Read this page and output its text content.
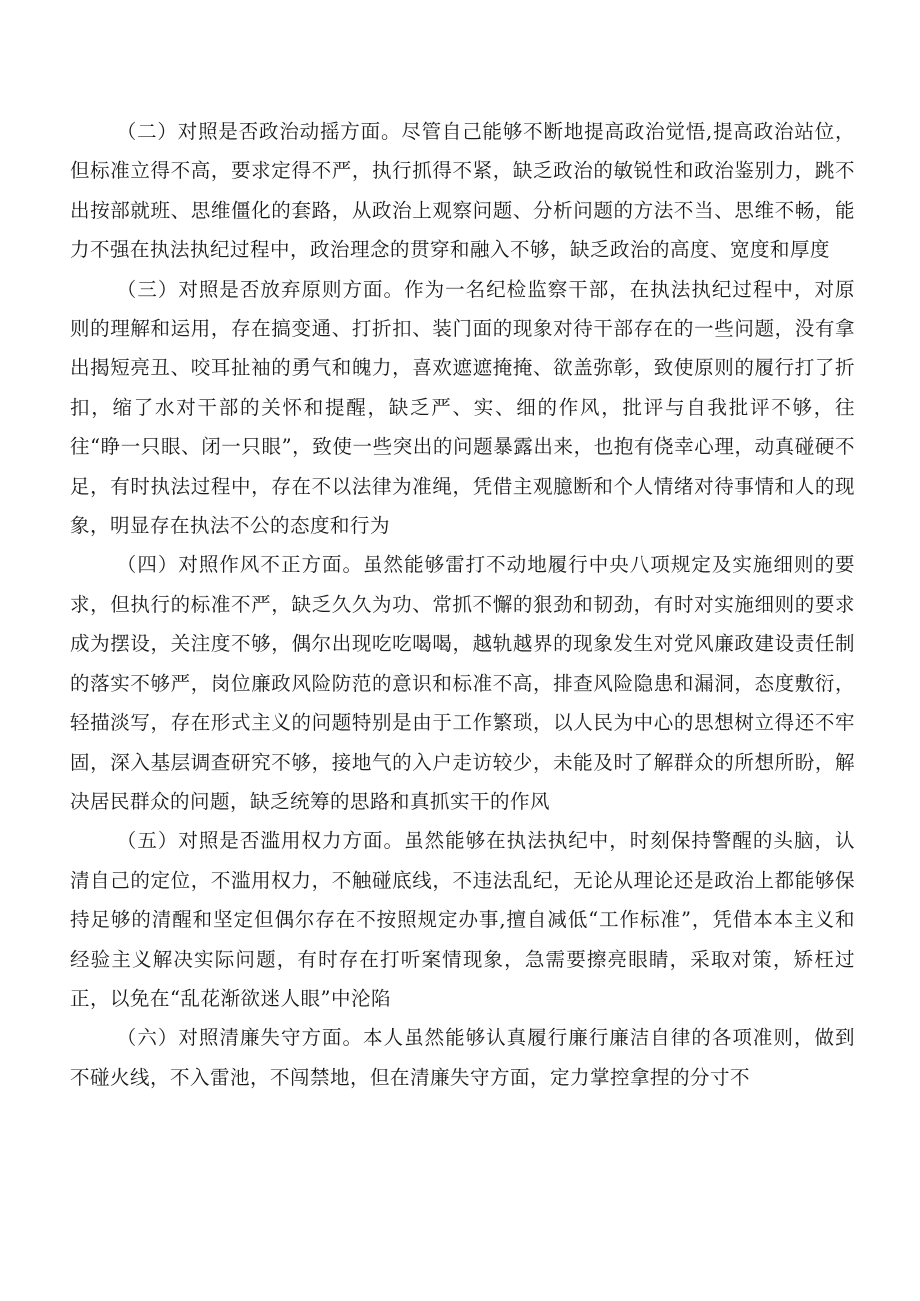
（二）对照是否政治动摇方面。尽管自己能够不断地提高政治觉悟,提高政治站位，但标准立得不高，要求定得不严，执行抓得不紧，缺乏政治的敏锐性和政治鉴别力，跳不出按部就班、思维僵化的套路，从政治上观察问题、分析问题的方法不当、思维不畅，能力不强在执法执纪过程中，政治理念的贯穿和融入不够，缺乏政治的高度、宽度和厚度

（三）对照是否放弃原则方面。作为一名纪检监察干部，在执法执纪过程中，对原则的理解和运用，存在搞变通、打折扣、装门面的现象对待干部存在的一些问题，没有拿出揭短亮丑、咬耳扯袖的勇气和魄力，喜欢遮遮掩掩、欲盖弥彰，致使原则的履行打了折扣，缩了水对干部的关怀和提醒，缺乏严、实、细的作风，批评与自我批评不够，往往“睁一只眼、闭一只眼”，致使一些突出的问题暴露出来，也抱有侥幸心理，动真碰硬不足，有时执法过程中，存在不以法律为准绳，凭借主观臆断和个人情绪对待事情和人的现象，明显存在执法不公的态度和行为

（四）对照作风不正方面。虽然能够雷打不动地履行中央八项规定及实施细则的要求，但执行的标准不严，缺乏久久为功、常抓不懈的狠劲和韧劲，有时对实施细则的要求成为摆设，关注度不够，偶尔出现吃吃喝喝，越轨越界的现象发生对党风廉政建设责任制的落实不够严，岗位廉政风险防范的意识和标准不高，排查风险隐患和漏洞，态度敷衍，轻描淡写，存在形式主义的问题特别是由于工作繁琐，以人民为中心的思想树立得还不牢固，深入基层调查研究不够，接地气的入户走访较少，未能及时了解群众的所想所盼，解决居民群众的问题，缺乏统筹的思路和真抓实干的作风

（五）对照是否滥用权力方面。虽然能够在执法执纪中，时刻保持警醒的头脑，认清自己的定位，不滥用权力，不触碰底线，不违法乱纪，无论从理论还是政治上都能够保持足够的清醒和坚定但偶尔存在不按照规定办事,擅自减低“工作标准”，凭借本本主义和经验主义解决实际问题，有时存在打听案情现象，急需要擦亮眼睛，采取对策，矫枉过正，以免在“乱花渐欲迷人眼”中沦陷

（六）对照清廉失守方面。本人虽然能够认真履行廉行廉洁自律的各项准则，做到不碰火线，不入雷池，不闯禁地，但在清廉失守方面，定力掌控拿捏的分寸不
